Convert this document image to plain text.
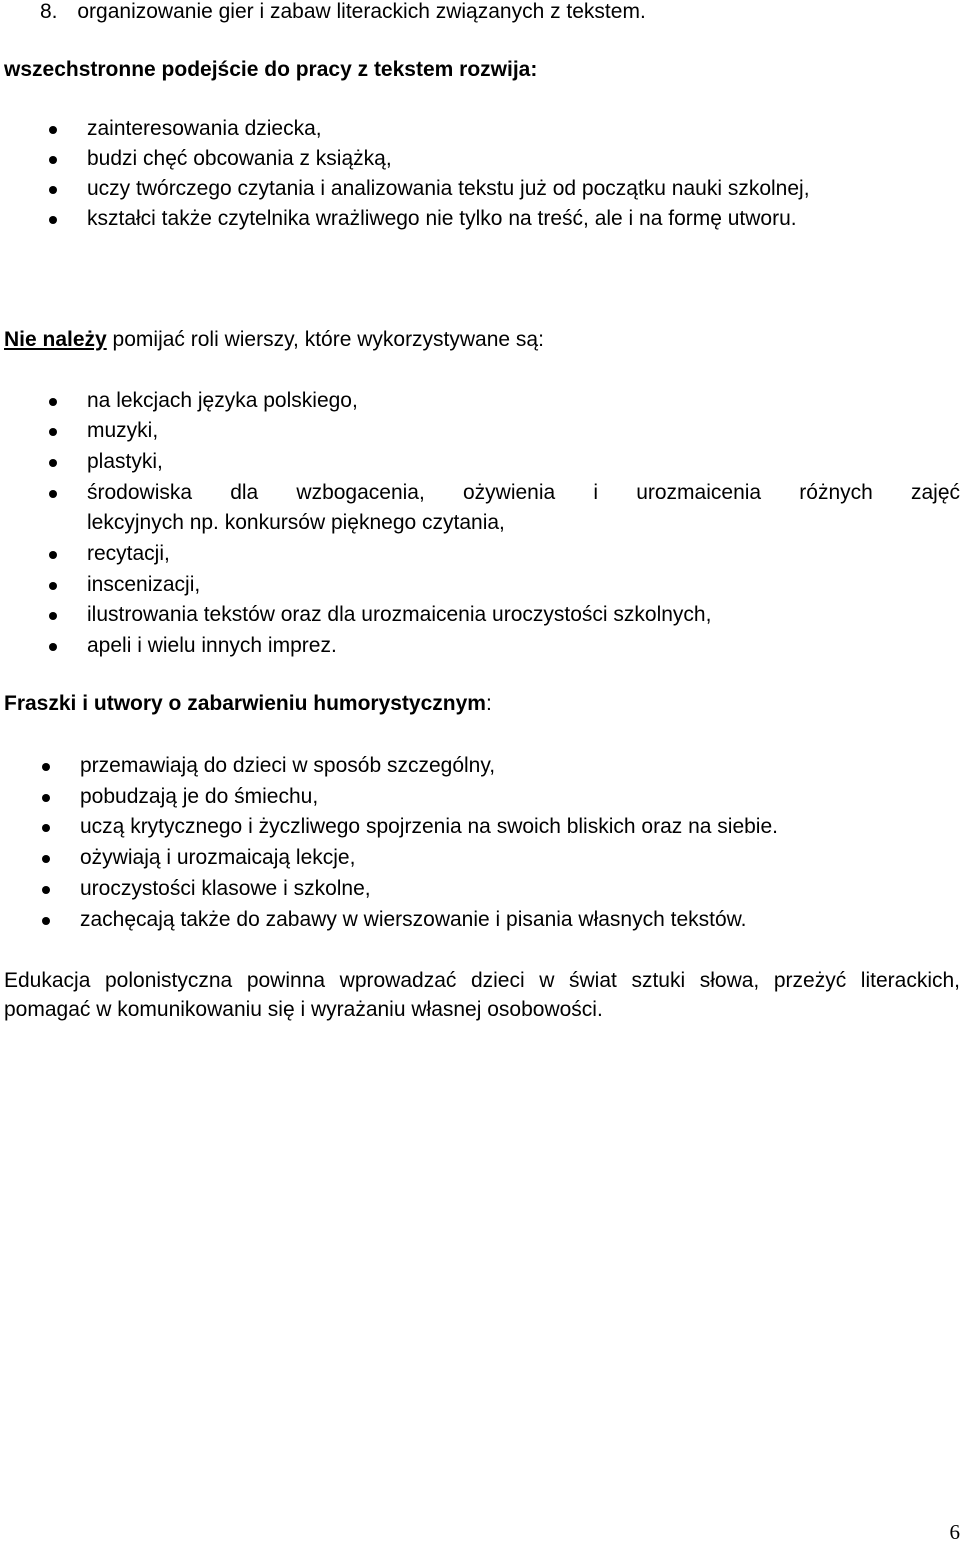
8. organizowanie gier i zabaw literackich związanych z tekstem.
wszechstronne podejście do pracy z tekstem rozwija:
zainteresowania dziecka,
budzi chęć obcowania z książką,
uczy twórczego czytania i analizowania tekstu już od początku nauki szkolnej,
kształci także czytelnika wrażliwego nie tylko na treść, ale i na formę utworu.
Nie należy pomijać roli wierszy, które wykorzystywane są:
na lekcjach języka polskiego,
muzyki,
plastyki,
środowiska dla wzbogacenia, ożywienia i urozmaicenia różnych zajęć
lekcyjnych np. konkursów pięknego czytania,
recytacji,
inscenizacji,
ilustrowania tekstów oraz dla urozmaicenia uroczystości szkolnych,
apeli i wielu innych imprez.
Fraszki i utwory o zabarwieniu humorystycznym:
przemawiają do dzieci w sposób szczególny,
pobudzają je do śmiechu,
uczą krytycznego i życzliwego spojrzenia na swoich bliskich oraz na siebie.
ożywiają i urozmaicają lekcje,
uroczystości klasowe i szkolne,
zachęcają także do zabawy w wierszowanie i pisania własnych tekstów.
Edukacja polonistyczna powinna wprowadzać dzieci w świat sztuki słowa, przeżyć literackich, pomagać w komunikowaniu się i wyrażaniu własnej osobowości.
6
